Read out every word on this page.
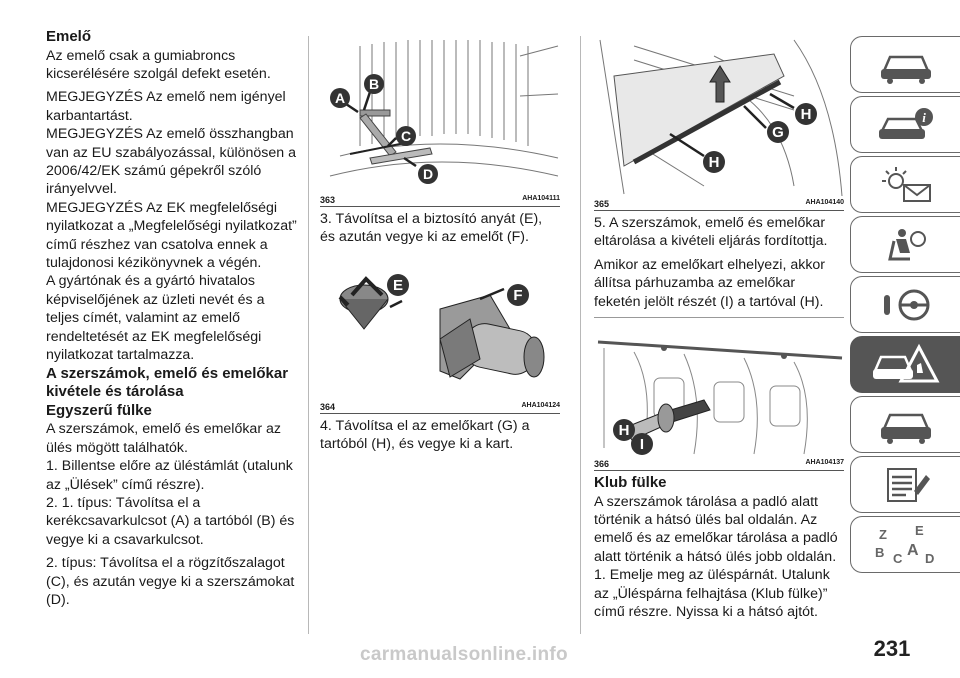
Emelő

Az emelő csak a gumiabroncs kicserélésére szolgál defekt esetén.

MEGJEGYZÉS Az emelő nem igényel karbantartást.

MEGJEGYZÉS Az emelő összhangban van az EU szabályozással, különösen a 2006/42/EK számú gépekről szóló irányelvvel.

MEGJEGYZÉS Az EK megfelelőségi nyilatkozat a „Megfelelőségi nyilatkozat” című részhez van csatolva ennek a tulajdonosi kézikönyvnek a végén.

A gyártónak és a gyártó hivatalos képviselőjének az üzleti nevét és a teljes címét, valamint az emelő rendeltetését az EK megfelelőségi nyilatkozat tartalmazza.

A szerszámok, emelő és emelőkar kivétele és tárolása

Egyszerű fülke

A szerszámok, emelő és emelőkar az ülés mögött találhatók.

1. Billentse előre az üléstámlát (utalunk az „Ülések” című részre).

2. 1. típus: Távolítsa el a kerékcsavarkulcsot (A) a tartóból (B) és vegye ki a csavarkulcsot.

2. típus: Távolítsa el a rögzítőszalagot (C), és azután vegye ki a szerszámokat (D).

A
B
C
D
363	AHA104111

3. Távolítsa el a biztosító anyát (E), és azután vegye ki az emelőt (F).

E
F
364	AHA104124

4. Távolítsa el az emelőkart (G) a tartóból (H), és vegye ki a kart.

G
H
H
365	AHA104140

5. A szerszámok, emelő és emelőkar eltárolása a kivételi eljárás fordítottja.

Amikor az emelőkart elhelyezi, akkor állítsa párhuzamba az emelőkar feketén jelölt részét (I) a tartóval (H).

H
I
366	AHA104137

Klub fülke

A szerszámok tárolása a padló alatt történik a hátsó ülés bal oldalán. Az emelő és az emelőkar tárolása a padló alatt történik a hátsó ülés jobb oldalán.

1. Emelje meg az üléspárnát. Utalunk az „Üléspárna felhajtása (Klub fülke)” című részre. Nyissa ki a hátsó ajtót.

i
Z E
B C A D
carmanualsonline.info	231
